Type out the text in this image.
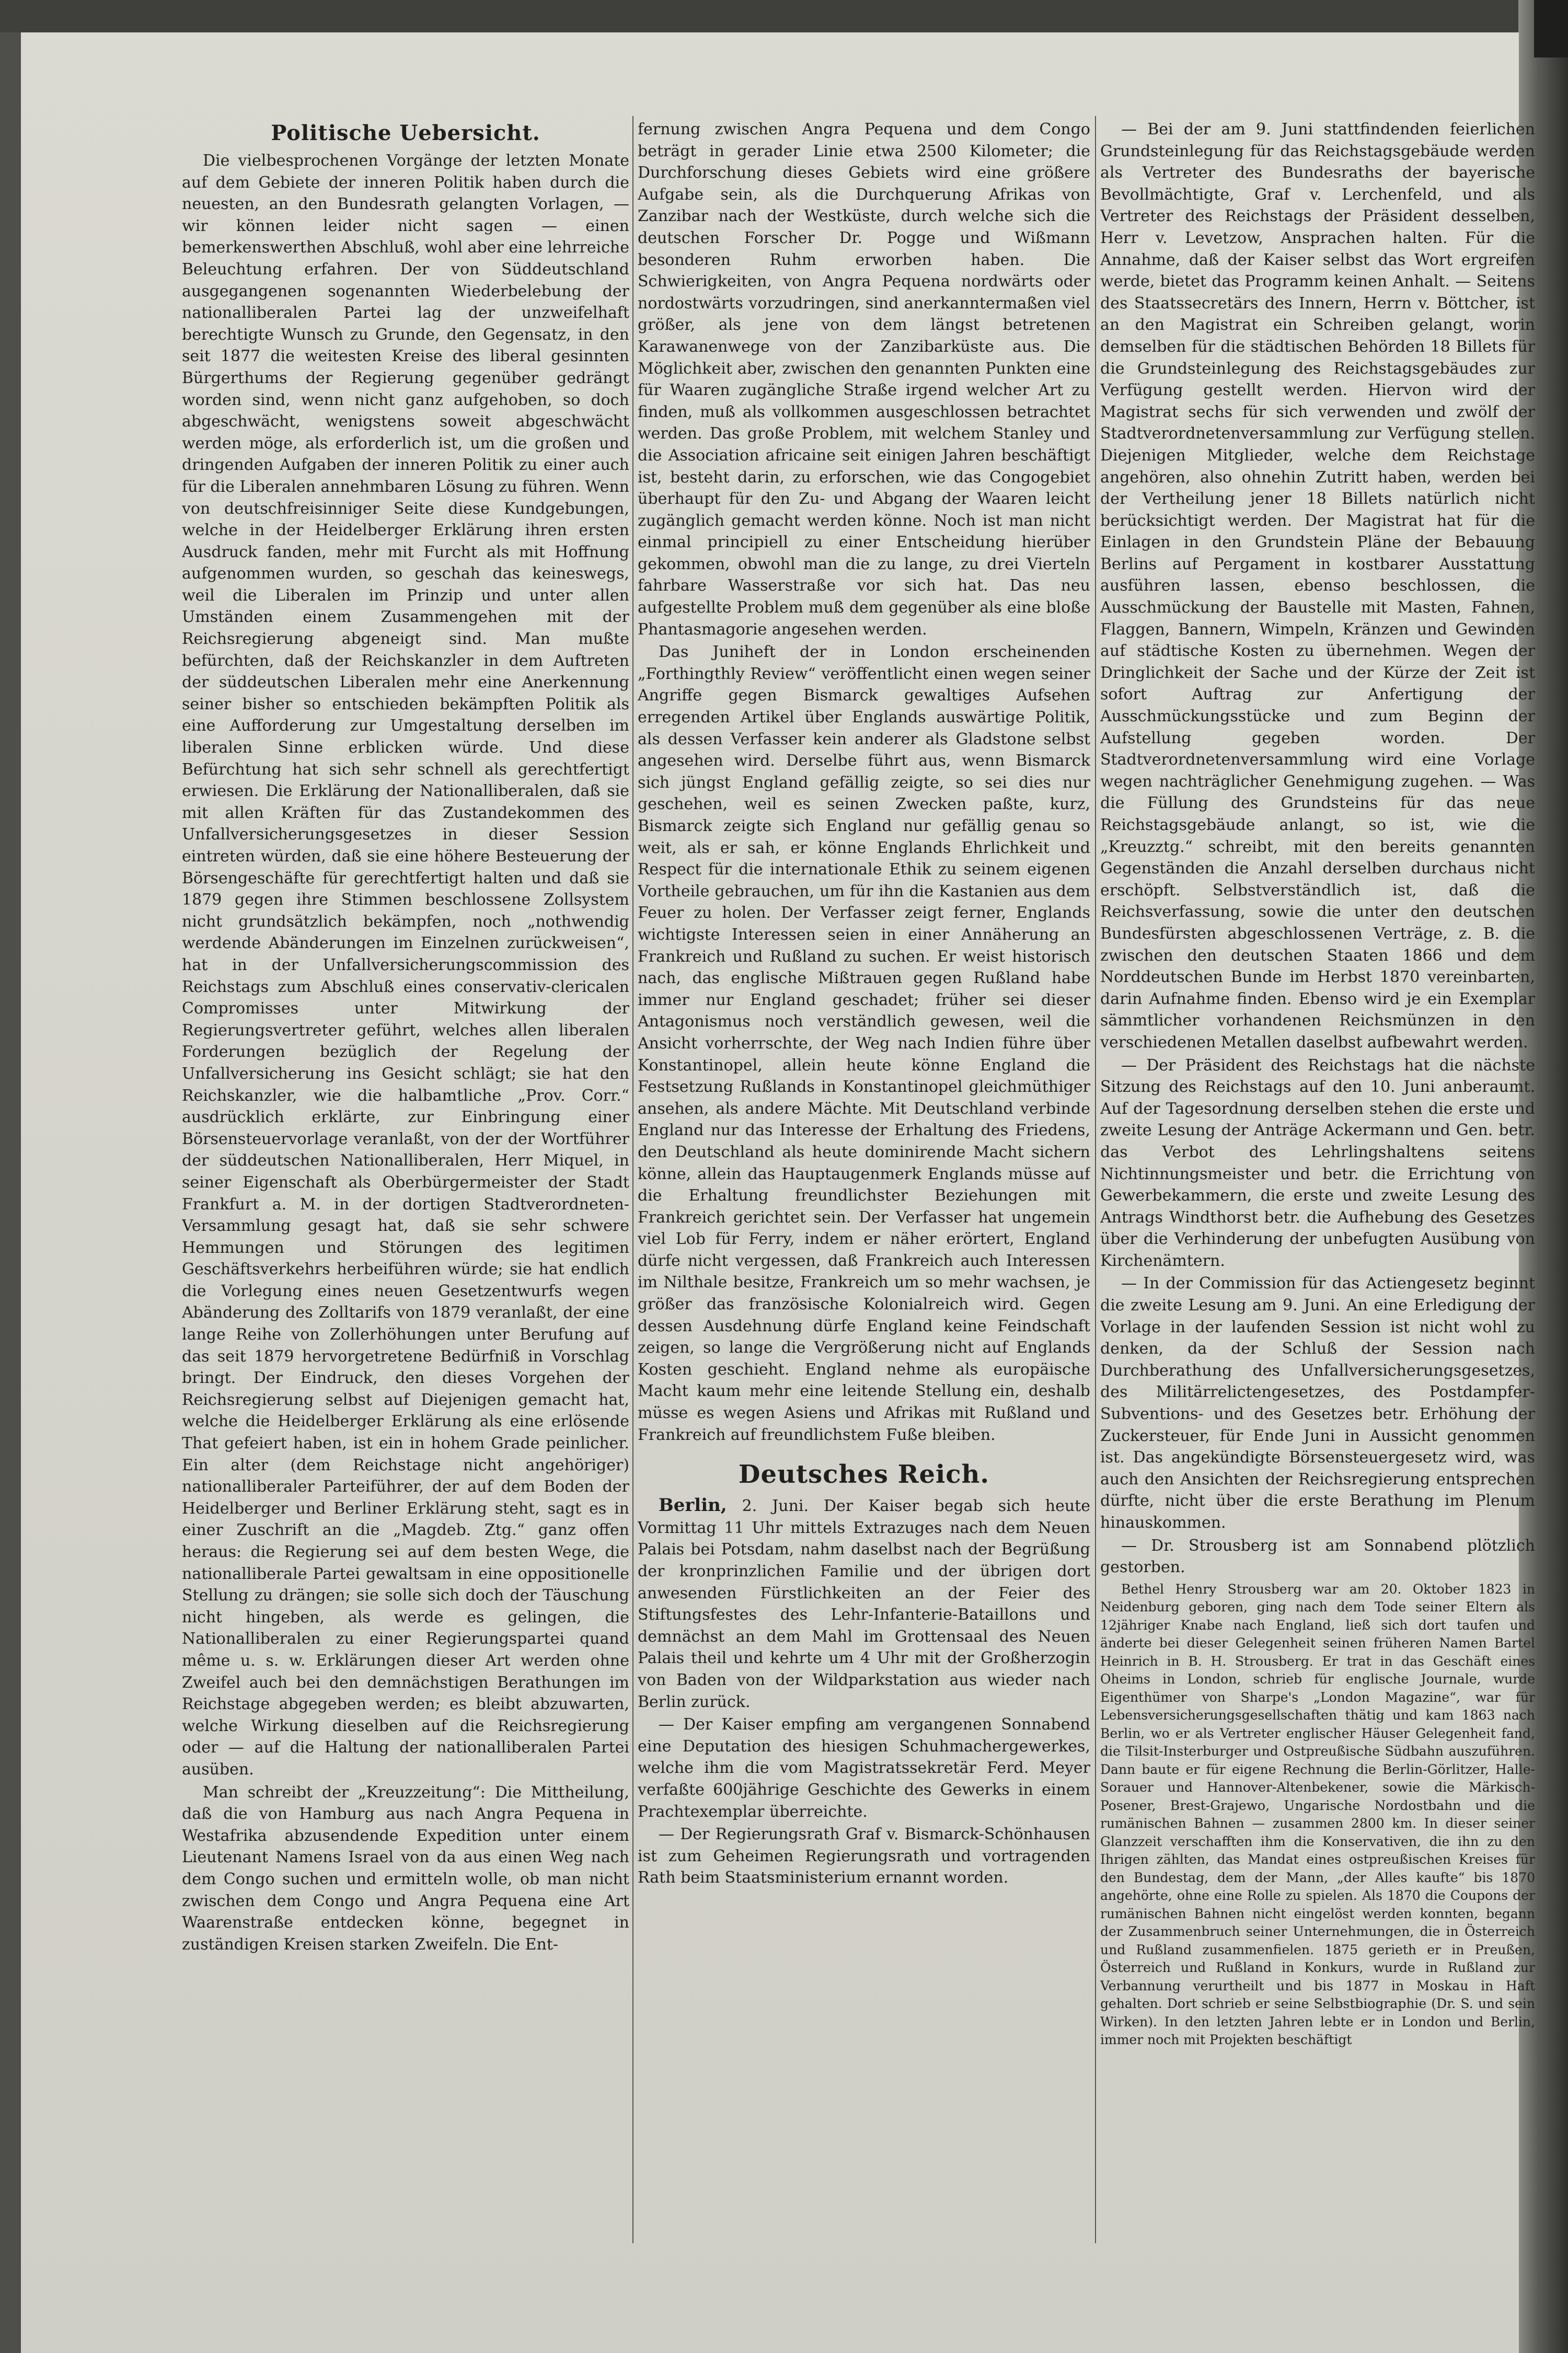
Politische Uebersicht.

Die vielbesprochenen Vorgänge der letzten Monate auf dem Gebiete der inneren Politik haben durch die neuesten, an den Bundesrath gelangten Vorlagen, — wir können leider nicht sagen — einen bemerkenswerthen Abschluß, wohl aber eine lehrreiche Beleuchtung erfahren. Der von Süddeutschland ausgegangenen sogenannten Wiederbelebung der nationalliberalen Partei lag der unzweifelhaft berechtigte Wunsch zu Grunde, den Gegensatz, in den seit 1877 die weitesten Kreise des liberal gesinnten Bürgerthums der Regierung gegenüber gedrängt worden sind, wenn nicht ganz aufgehoben, so doch abgeschwächt, wenigstens soweit abgeschwächt werden möge, als erforderlich ist, um die großen und dringenden Aufgaben der inneren Politik zu einer auch für die Liberalen annehmbaren Lösung zu führen. Wenn von deutschfreisinniger Seite diese Kundgebungen, welche in der Heidelberger Erklärung ihren ersten Ausdruck fanden, mehr mit Furcht als mit Hoffnung aufgenommen wurden, so geschah das keineswegs, weil die Liberalen im Prinzip und unter allen Umständen einem Zusammengehen mit der Reichsregierung abgeneigt sind. Man mußte befürchten, daß der Reichskanzler in dem Auftreten der süddeutschen Liberalen mehr eine Anerkennung seiner bisher so entschieden bekämpften Politik als eine Aufforderung zur Umgestaltung derselben im liberalen Sinne erblicken würde. Und diese Befürchtung hat sich sehr schnell als gerechtfertigt erwiesen. Die Erklärung der Nationalliberalen, daß sie mit allen Kräften für das Zustandekommen des Unfallversicherungsgesetzes in dieser Session eintreten würden, daß sie eine höhere Besteuerung der Börsengeschäfte für gerechtfertigt halten und daß sie 1879 gegen ihre Stimmen beschlossene Zollsystem nicht grundsätzlich bekämpfen, noch „nothwendig werdende Abänderungen im Einzelnen zurückweisen“, hat in der Unfallversicherungscommission des Reichstags zum Abschluß eines conservativ-clericalen Compromisses unter Mitwirkung der Regierungsvertreter geführt, welches allen liberalen Forderungen bezüglich der Regelung der Unfallversicherung ins Gesicht schlägt; sie hat den Reichskanzler, wie die halbamtliche „Prov. Corr.“ ausdrücklich erklärte, zur Einbringung einer Börsensteuervorlage veranlaßt, von der der Wortführer der süddeutschen Nationalliberalen, Herr Miquel, in seiner Eigenschaft als Oberbürgermeister der Stadt Frankfurt a. M. in der dortigen Stadtverordneten-Versammlung gesagt hat, daß sie sehr schwere Hemmungen und Störungen des legitimen Geschäftsverkehrs herbeiführen würde; sie hat endlich die Vorlegung eines neuen Gesetzentwurfs wegen Abänderung des Zolltarifs von 1879 veranlaßt, der eine lange Reihe von Zollerhöhungen unter Berufung auf das seit 1879 hervorgetretene Bedürfniß in Vorschlag bringt. Der Eindruck, den dieses Vorgehen der Reichsregierung selbst auf Diejenigen gemacht hat, welche die Heidelberger Erklärung als eine erlösende That gefeiert haben, ist ein in hohem Grade peinlicher. Ein alter (dem Reichstage nicht angehöriger) nationalliberaler Parteiführer, der auf dem Boden der Heidelberger und Berliner Erklärung steht, sagt es in einer Zuschrift an die „Magdeb. Ztg.“ ganz offen heraus: die Regierung sei auf dem besten Wege, die nationalliberale Partei gewaltsam in eine oppositionelle Stellung zu drängen; sie solle sich doch der Täuschung nicht hingeben, als werde es gelingen, die Nationalliberalen zu einer Regierungspartei quand même u. s. w. Erklärungen dieser Art werden ohne Zweifel auch bei den demnächstigen Berathungen im Reichstage abgegeben werden; es bleibt abzuwarten, welche Wirkung dieselben auf die Reichsregierung oder — auf die Haltung der nationalliberalen Partei ausüben.

Man schreibt der „Kreuzzeitung“: Die Mittheilung, daß die von Hamburg aus nach Angra Pequena in Westafrika abzusendende Expedition unter einem Lieutenant Namens Israel von da aus einen Weg nach dem Congo suchen und ermitteln wolle, ob man nicht zwischen dem Congo und Angra Pequena eine Art Waarenstraße entdecken könne, begegnet in zuständigen Kreisen starken Zweifeln. Die Ent-

fernung zwischen Angra Pequena und dem Congo beträgt in gerader Linie etwa 2500 Kilometer; die Durchforschung dieses Gebiets wird eine größere Aufgabe sein, als die Durchquerung Afrikas von Zanzibar nach der Westküste, durch welche sich die deutschen Forscher Dr. Pogge und Wißmann besonderen Ruhm erworben haben. Die Schwierigkeiten, von Angra Pequena nordwärts oder nordostwärts vorzudringen, sind anerkanntermaßen viel größer, als jene von dem längst betretenen Karawanenwege von der Zanzibarküste aus. Die Möglichkeit aber, zwischen den genannten Punkten eine für Waaren zugängliche Straße irgend welcher Art zu finden, muß als vollkommen ausgeschlossen betrachtet werden. Das große Problem, mit welchem Stanley und die Association africaine seit einigen Jahren beschäftigt ist, besteht darin, zu erforschen, wie das Congogebiet überhaupt für den Zu- und Abgang der Waaren leicht zugänglich gemacht werden könne. Noch ist man nicht einmal principiell zu einer Entscheidung hierüber gekommen, obwohl man die zu lange, zu drei Vierteln fahrbare Wasserstraße vor sich hat. Das neu aufgestellte Problem muß dem gegenüber als eine bloße Phantasmagorie angesehen werden.

Das Juniheft der in London erscheinenden „Forthingthly Review“ veröffentlicht einen wegen seiner Angriffe gegen Bismarck gewaltiges Aufsehen erregenden Artikel über Englands auswärtige Politik, als dessen Verfasser kein anderer als Gladstone selbst angesehen wird. Derselbe führt aus, wenn Bismarck sich jüngst England gefällig zeigte, so sei dies nur geschehen, weil es seinen Zwecken paßte, kurz, Bismarck zeigte sich England nur gefällig genau so weit, als er sah, er könne Englands Ehrlichkeit und Respect für die internationale Ethik zu seinem eigenen Vortheile gebrauchen, um für ihn die Kastanien aus dem Feuer zu holen. Der Verfasser zeigt ferner, Englands wichtigste Interessen seien in einer Annäherung an Frankreich und Rußland zu suchen. Er weist historisch nach, das englische Mißtrauen gegen Rußland habe immer nur England geschadet; früher sei dieser Antagonismus noch verständlich gewesen, weil die Ansicht vorherrschte, der Weg nach Indien führe über Konstantinopel, allein heute könne England die Festsetzung Rußlands in Konstantinopel gleichmüthiger ansehen, als andere Mächte. Mit Deutschland verbinde England nur das Interesse der Erhaltung des Friedens, den Deutschland als heute dominirende Macht sichern könne, allein das Hauptaugenmerk Englands müsse auf die Erhaltung freundlichster Beziehungen mit Frankreich gerichtet sein. Der Verfasser hat ungemein viel Lob für Ferry, indem er näher erörtert, England dürfe nicht vergessen, daß Frankreich auch Interessen im Nilthale besitze, Frankreich um so mehr wachsen, je größer das französische Kolonialreich wird. Gegen dessen Ausdehnung dürfe England keine Feindschaft zeigen, so lange die Vergrößerung nicht auf Englands Kosten geschieht. England nehme als europäische Macht kaum mehr eine leitende Stellung ein, deshalb müsse es wegen Asiens und Afrikas mit Rußland und Frankreich auf freundlichstem Fuße bleiben.

Deutsches Reich.

Berlin, 2. Juni. Der Kaiser begab sich heute Vormittag 11 Uhr mittels Extrazuges nach dem Neuen Palais bei Potsdam, nahm daselbst nach der Begrüßung der kronprinzlichen Familie und der übrigen dort anwesenden Fürstlichkeiten an der Feier des Stiftungsfestes des Lehr-Infanterie-Bataillons und demnächst an dem Mahl im Grottensaal des Neuen Palais theil und kehrte um 4 Uhr mit der Großherzogin von Baden von der Wildparkstation aus wieder nach Berlin zurück.

— Der Kaiser empfing am vergangenen Sonnabend eine Deputation des hiesigen Schuhmachergewerkes, welche ihm die vom Magistratssekretär Ferd. Meyer verfaßte 600jährige Geschichte des Gewerks in einem Prachtexemplar überreichte.

— Der Regierungsrath Graf v. Bismarck-Schönhausen ist zum Geheimen Regierungsrath und vortragenden Rath beim Staatsministerium ernannt worden.

— Bei der am 9. Juni stattfindenden feierlichen Grundsteinlegung für das Reichstagsgebäude werden als Vertreter des Bundesraths der bayerische Bevollmächtigte, Graf v. Lerchenfeld, und als Vertreter des Reichstags der Präsident desselben, Herr v. Levetzow, Ansprachen halten. Für die Annahme, daß der Kaiser selbst das Wort ergreifen werde, bietet das Programm keinen Anhalt. — Seitens des Staatssecretärs des Innern, Herrn v. Böttcher, ist an den Magistrat ein Schreiben gelangt, worin demselben für die städtischen Behörden 18 Billets für die Grundsteinlegung des Reichstagsgebäudes zur Verfügung gestellt werden. Hiervon wird der Magistrat sechs für sich verwenden und zwölf der Stadtverordnetenversammlung zur Verfügung stellen. Diejenigen Mitglieder, welche dem Reichstage angehören, also ohnehin Zutritt haben, werden bei der Vertheilung jener 18 Billets natürlich nicht berücksichtigt werden. Der Magistrat hat für die Einlagen in den Grundstein Pläne der Bebauung Berlins auf Pergament in kostbarer Ausstattung ausführen lassen, ebenso beschlossen, die Ausschmückung der Baustelle mit Masten, Fahnen, Flaggen, Bannern, Wimpeln, Kränzen und Gewinden auf städtische Kosten zu übernehmen. Wegen der Dringlichkeit der Sache und der Kürze der Zeit ist sofort Auftrag zur Anfertigung der Ausschmückungsstücke und zum Beginn der Aufstellung gegeben worden. Der Stadtverordnetenversammlung wird eine Vorlage wegen nachträglicher Genehmigung zugehen. — Was die Füllung des Grundsteins für das neue Reichstagsgebäude anlangt, so ist, wie die „Kreuzztg.“ schreibt, mit den bereits genannten Gegenständen die Anzahl derselben durchaus nicht erschöpft. Selbstverständlich ist, daß die Reichsverfassung, sowie die unter den deutschen Bundesfürsten abgeschlossenen Verträge, z. B. die zwischen den deutschen Staaten 1866 und dem Norddeutschen Bunde im Herbst 1870 vereinbarten, darin Aufnahme finden. Ebenso wird je ein Exemplar sämmtlicher vorhandenen Reichsmünzen in den verschiedenen Metallen daselbst aufbewahrt werden.

— Der Präsident des Reichstags hat die nächste Sitzung des Reichstags auf den 10. Juni anberaumt. Auf der Tagesordnung derselben stehen die erste und zweite Lesung der Anträge Ackermann und Gen. betr. das Verbot des Lehrlingshaltens seitens Nichtinnungsmeister und betr. die Errichtung von Gewerbekammern, die erste und zweite Lesung des Antrags Windthorst betr. die Aufhebung des Gesetzes über die Verhinderung der unbefugten Ausübung von Kirchenämtern.

— In der Commission für das Actiengesetz beginnt die zweite Lesung am 9. Juni. An eine Erledigung der Vorlage in der laufenden Session ist nicht wohl zu denken, da der Schluß der Session nach Durchberathung des Unfallversicherungsgesetzes, des Militärrelictengesetzes, des Postdampfer-Subventions- und des Gesetzes betr. Erhöhung der Zuckersteuer, für Ende Juni in Aussicht genommen ist. Das angekündigte Börsensteuergesetz wird, was auch den Ansichten der Reichsregierung entsprechen dürfte, nicht über die erste Berathung im Plenum hinauskommen.

— Dr. Strousberg ist am Sonnabend plötzlich gestorben.

Bethel Henry Strousberg war am 20. Oktober 1823 in Neidenburg geboren, ging nach dem Tode seiner Eltern als 12jähriger Knabe nach England, ließ sich dort taufen und änderte bei dieser Gelegenheit seinen früheren Namen Bartel Heinrich in B. H. Strousberg. Er trat in das Geschäft eines Oheims in London, schrieb für englische Journale, wurde Eigenthümer von Sharpe's „London Magazine“, war für Lebensversicherungsgesellschaften thätig und kam 1863 nach Berlin, wo er als Vertreter englischer Häuser Gelegenheit fand, die Tilsit-Insterburger und Ostpreußische Südbahn auszuführen. Dann baute er für eigene Rechnung die Berlin-Görlitzer, Halle-Sorauer und Hannover-Altenbekener, sowie die Märkisch-Posener, Brest-Grajewo, Ungarische Nordostbahn und die rumänischen Bahnen — zusammen 2800 km. In dieser seiner Glanzzeit verschafften ihm die Konservativen, die ihn zu den Ihrigen zählten, das Mandat eines ostpreußischen Kreises für den Bundestag, dem der Mann, „der Alles kaufte“ bis 1870 angehörte, ohne eine Rolle zu spielen. Als 1870 die Coupons der rumänischen Bahnen nicht eingelöst werden konnten, begann der Zusammenbruch seiner Unternehmungen, die in Österreich und Rußland zusammenfielen. 1875 gerieth er in Preußen, Österreich und Rußland in Konkurs, wurde in Rußland zur Verbannung verurtheilt und bis 1877 in Moskau in Haft gehalten. Dort schrieb er seine Selbstbiographie (Dr. S. und sein Wirken). In den letzten Jahren lebte er in London und Berlin, immer noch mit Projekten beschäftigt
